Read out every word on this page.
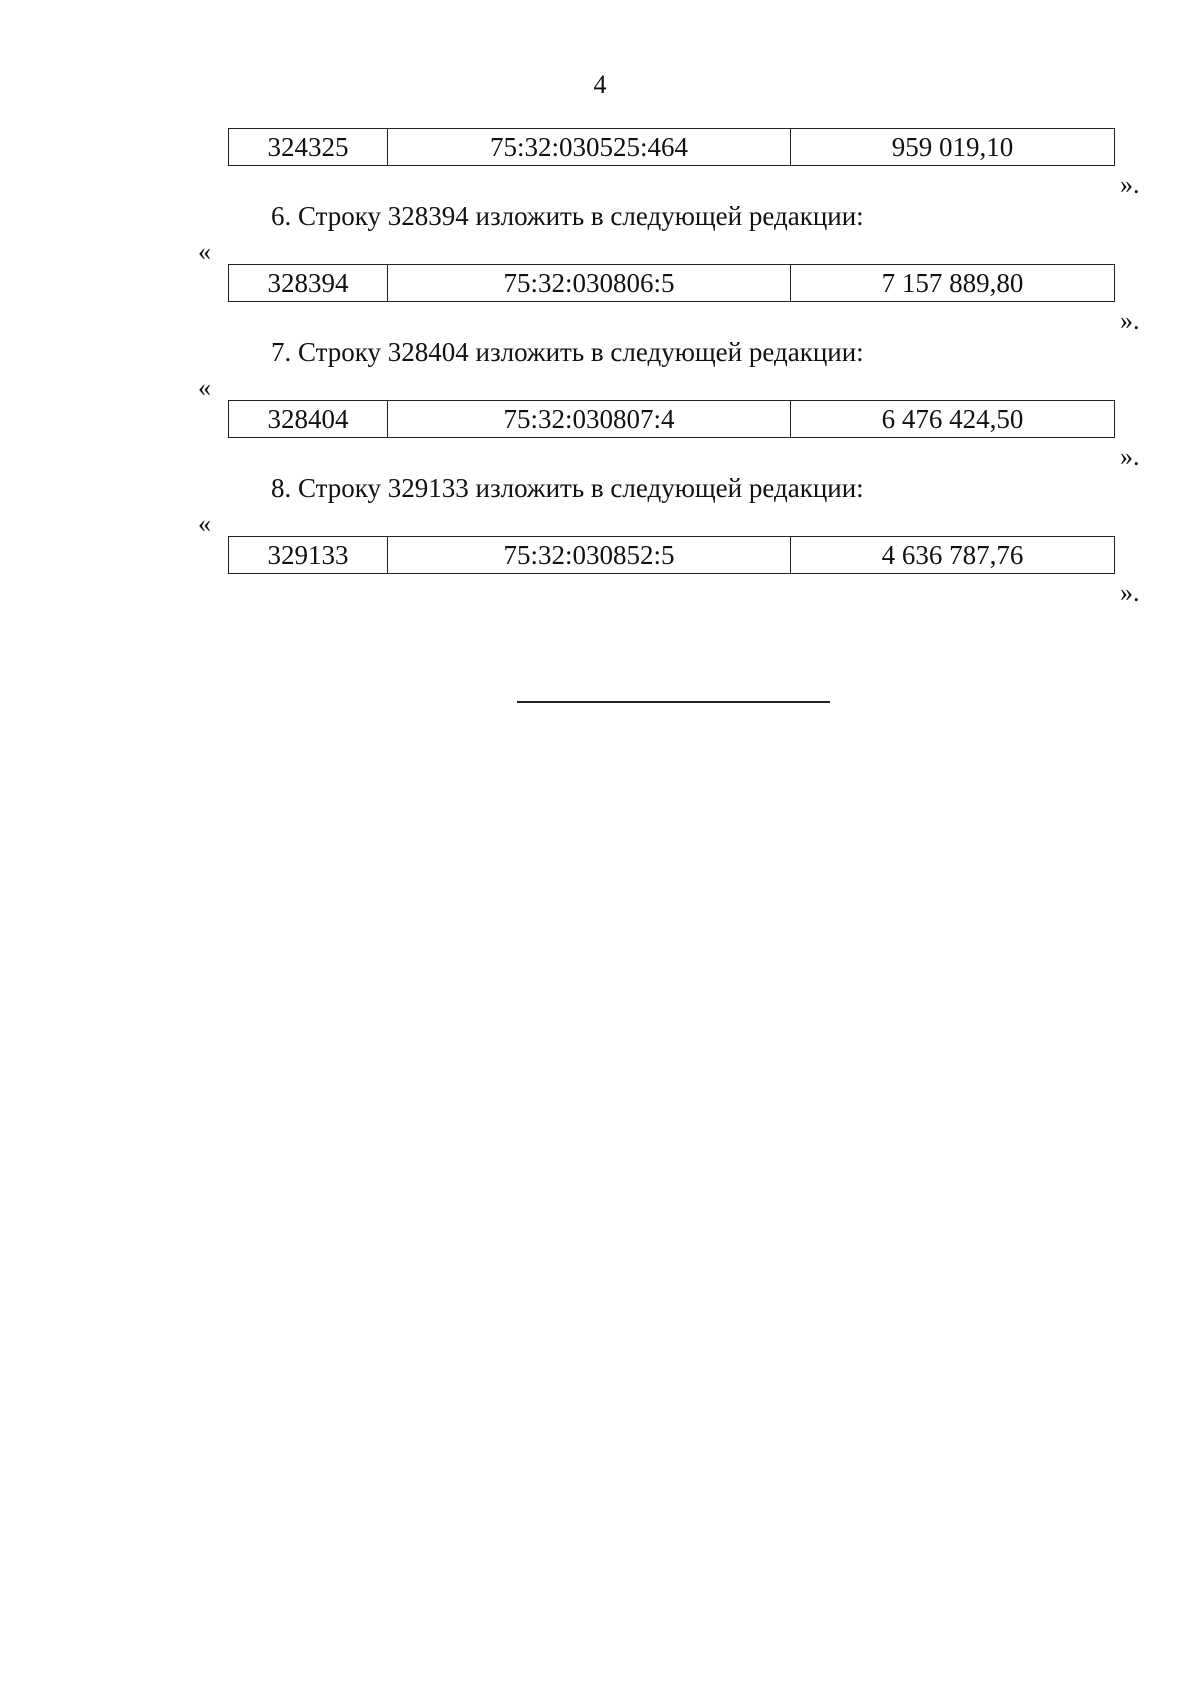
4
324325	75:32:030525:464	959 019,10
».
6. Строку 328394 изложить в следующей редакции:
«
328394	75:32:030806:5	7 157 889,80
».
7. Строку 328404 изложить в следующей редакции:
«
328404	75:32:030807:4	6 476 424,50
».
8. Строку 329133 изложить в следующей редакции:
«
329133	75:32:030852:5	4 636 787,76
».
